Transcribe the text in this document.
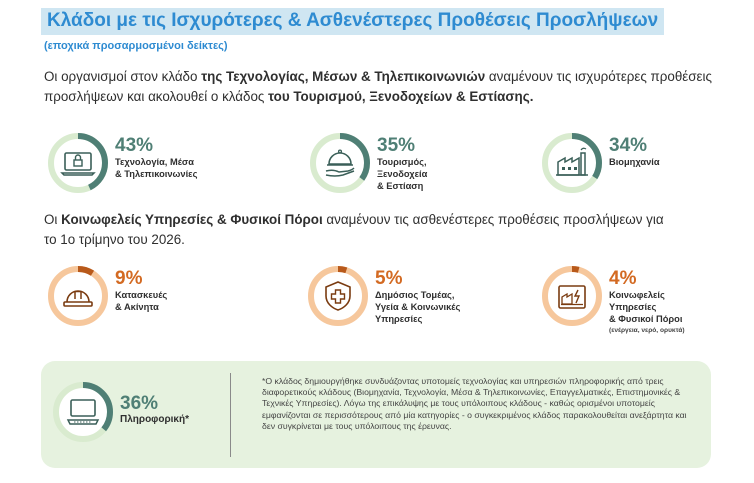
Κλάδοι με τις Ισχυρότερες & Ασθενέστερες Προθέσεις Προσλήψεων
(εποχικά προσαρμοσμένοι δείκτες)
Οι οργανισμοί στον κλάδο της Τεχνολογίας, Μέσων & Τηλεπικοινωνιών αναμένουν τις ισχυρότερες προθέσεις προσλήψεων και ακολουθεί ο κλάδος του Τουρισμού, Ξενοδοχείων & Εστίασης.
43%
Τεχνολογία, Μέσα
& Τηλεπικοινωνίες
35%
Τουρισμός,
Ξενοδοχεία
& Εστίαση
34%
Βιομηχανία
Οι Κοινωφελείς Υπηρεσίες & Φυσικοί Πόροι αναμένουν τις ασθενέστερες προθέσεις προσλήψεων για το 1ο τρίμηνο του 2026.
9%
Κατασκευές
& Ακίνητα
5%
Δημόσιος Τομέας,
Υγεία & Κοινωνικές
Υπηρεσίες
4%
Κοινωφελείς
Υπηρεσίες
& Φυσικοί Πόροι
(ενέργεια, νερό, ορυκτά)
36%
Πληροφορική*
*Ο κλάδος δημιουργήθηκε συνδυάζοντας υποτομείς τεχνολογίας και υπηρεσιών πληροφορικής από τρεις διαφορετικούς κλάδους (Βιομηχανία, Τεχνολογία, Μέσα & Τηλεπικοινωνίες, Επαγγελματικές, Επιστημονικές & Τεχνικές Υπηρεσίες). Λόγω της επικάλυψης με τους υπόλοιπους κλάδους - καθώς ορισμένοι υποτομείς εμφανίζονται σε περισσότερους από μία κατηγορίες - ο συγκεκριμένος κλάδος παρακολουθείται ανεξάρτητα και δεν συγκρίνεται με τους υπόλοιπους της έρευνας.
